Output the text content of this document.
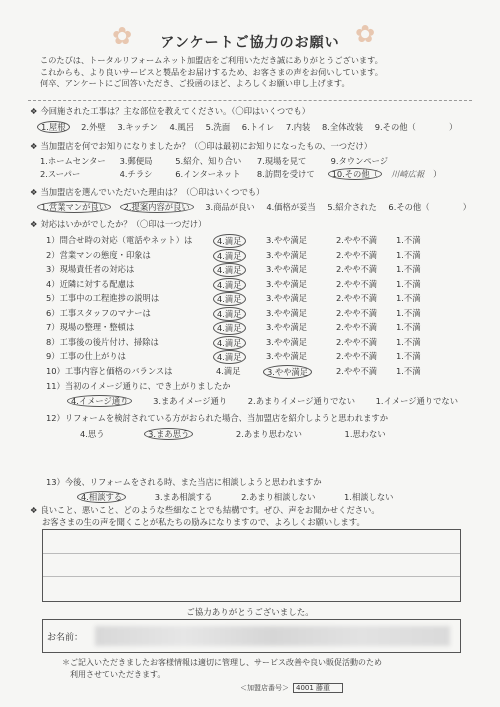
✿	✿
アンケートご協力のお願い
このたびは、トータルリフォームネット加盟店をご利用いただき誠にありがとうございます。
これからも、より良いサービスと製品をお届けするため、お客さまの声をお伺いしています。
何卒、アンケートにご回答いただき、ご投函のほど、よろしくお願い申し上げます。
❖ 今回施された工事は？主な部位を教えてください。（〇印はいくつでも）
1.屋根 2.外壁 3.キッチン 4.風呂 5.洗面 6.トイレ 7.内装 8.全体改装 9.その他（　　　　）
❖ 当加盟店を何でお知りになりましたか？（〇印は最初にお知りになったもの、一つだけ）
1.ホームセンター 3.郵便局	5.紹介、知り合い 7.現場を見て	9.タウンページ
2.スーパー	4.チラシ	6.インターネット 8.訪問を受けて 10.その他（ 川崎広報 ）
❖ 当加盟店を選んでいただいた理由は？（〇印はいくつでも）
1.営業マンが良い 2.提案内容が良い 3.商品が良い 4.価格が妥当 5.紹介された 6.その他（　　　　）
❖ 対応はいかがでしたか？（〇印は一つだけ）
1）問合せ時の対応（電話やネット）は	4.満足	3.やや満足	2.やや不満 1.不満
2）営業マンの態度・印象は	4.満足	3.やや満足	2.やや不満 1.不満
3）現場責任者の対応は	4.満足	3.やや満足	2.やや不満 1.不満
4）近隣に対する配慮は	4.満足	3.やや満足	2.やや不満 1.不満
5）工事中の工程進捗の説明は	4.満足	3.やや満足	2.やや不満 1.不満
6）工事スタッフのマナーは	4.満足	3.やや満足	2.やや不満 1.不満
7）現場の整理・整頓は	4.満足	3.やや満足	2.やや不満 1.不満
8）工事後の後片付け、掃除は	4.満足	3.やや満足	2.やや不満 1.不満
9）工事の仕上がりは	4.満足	3.やや満足	2.やや不満 1.不満
10）工事内容と価格のバランスは	4.満足	3.やや満足	2.やや不満 1.不満
11）当初のイメージ通りに、でき上がりましたか
4.イメージ通り	3.まあイメージ通り 2.あまりイメージ通りでない 1.イメージ通りでない
12）リフォームを検討されている方がおられた場合、当加盟店を紹介しようと思われますか
4.思う	3.まあ思う	2.あまり思わない	1.思わない
13）今後、リフォームをされる時、また当店に相談しようと思われますか
4.相談する	3.まあ相談する	2.あまり相談しない	1.相談しない
❖ 良いこと、悪いこと、どのような些細なことでも結構です。ぜひ、声をお聞かせください。
お客さまの生の声を聞くことが私たちの励みになりますので、よろしくお願いします。
ご協力ありがとうございました。
お名前：
＊ご記入いただきましたお客様情報は適切に管理し、サービス改善や良い販促活動のため
　利用させていただきます。
＜加盟店番号＞ 4001 藤重
